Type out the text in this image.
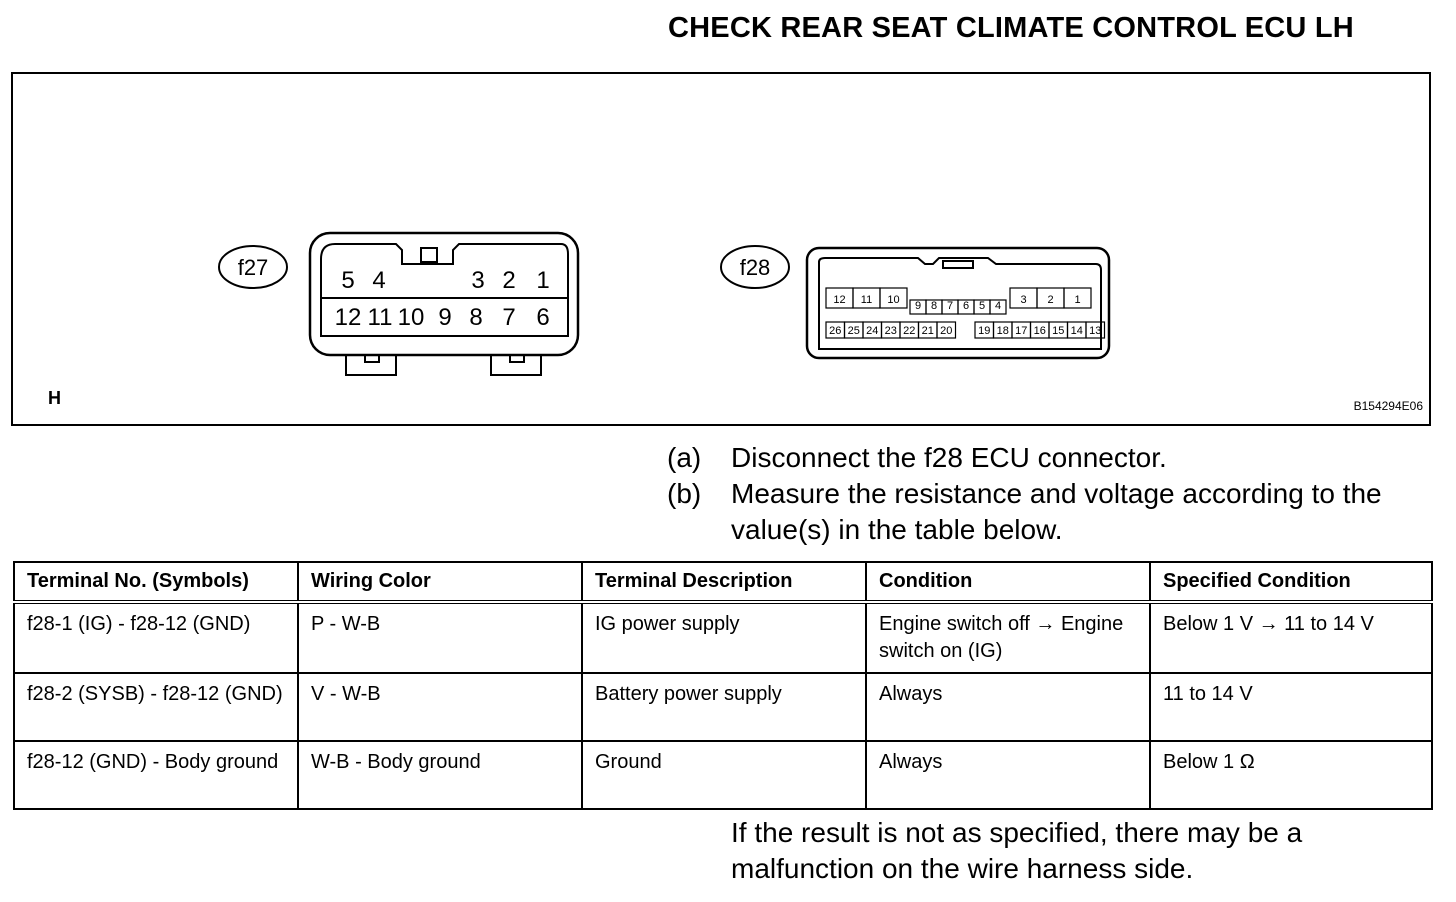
CHECK REAR SEAT CLIMATE CONTROL ECU LH
f27	f28
5 4	3 2 1
12 11 10 9 8 7 6
12 11 10 9 8 7 6 5 4 3 2 1
26 25 24 23 22 21 20 19 18 17 16 15 14 13
H	B154294E06
(a)	Disconnect the f28 ECU connector.
(b)	Measure the resistance and voltage according to the value(s) in the table below.
Terminal No. (Symbols)	Wiring Color	Terminal Description	Condition	Specified Condition
f28-1 (IG) - f28-12 (GND)	P - W-B	IG power supply	Engine switch off → Engine switch on (IG)	Below 1 V → 11 to 14 V
f28-2 (SYSB) - f28-12 (GND)	V - W-B	Battery power supply	Always	11 to 14 V
f28-12 (GND) - Body ground	W-B - Body ground	Ground	Always	Below 1 Ω
If the result is not as specified, there may be a malfunction on the wire harness side.
